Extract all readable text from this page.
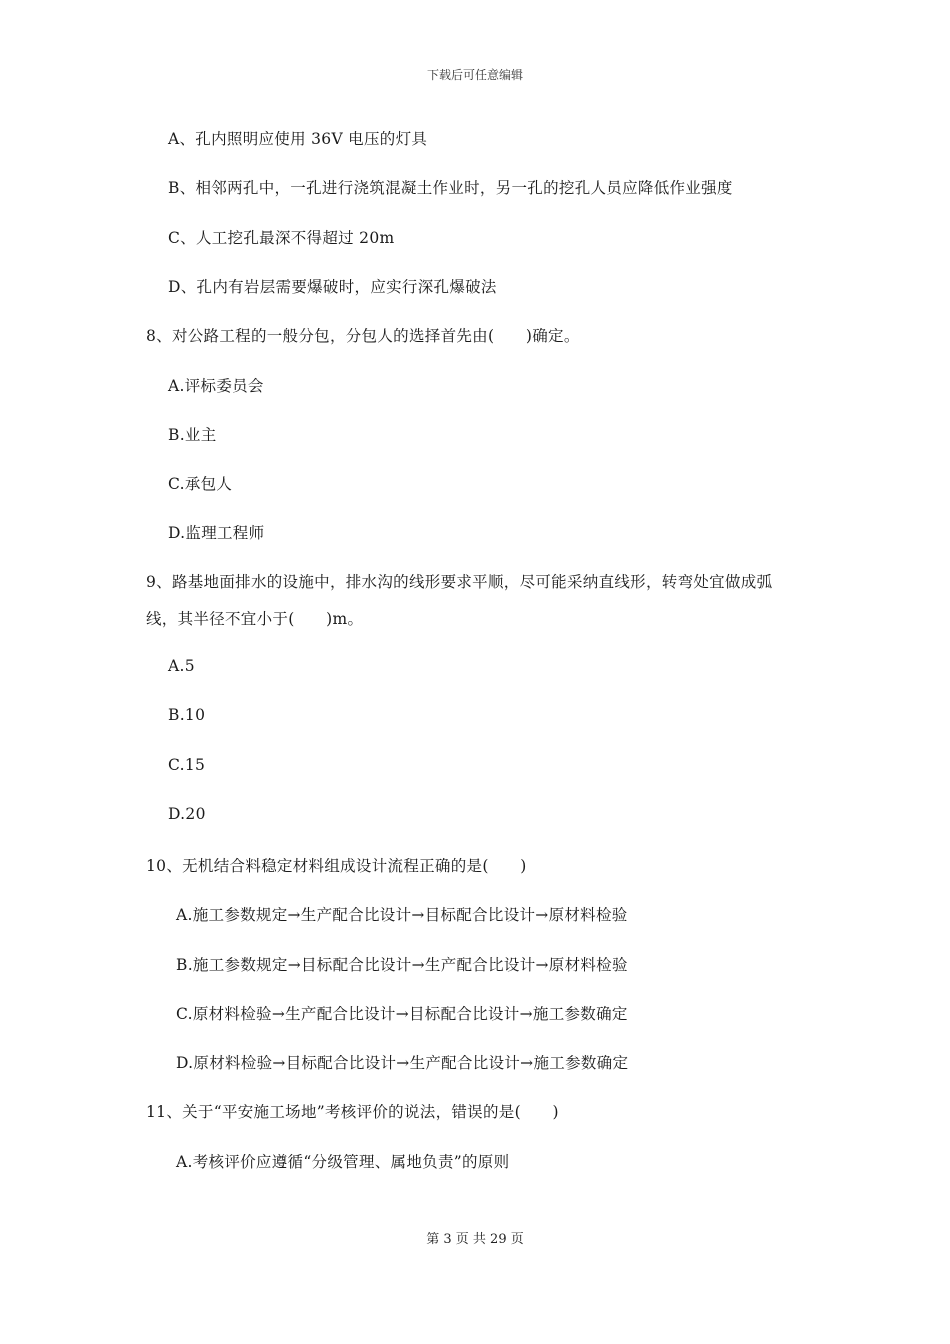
下载后可任意编辑
A、孔内照明应使用 36V 电压的灯具
B、相邻两孔中，一孔进行浇筑混凝土作业时，另一孔的挖孔人员应降低作业强度
C、人工挖孔最深不得超过 20m
D、孔内有岩层需要爆破时，应实行深孔爆破法
8、对公路工程的一般分包，分包人的选择首先由(　　)确定。
A.评标委员会
B.业主
C.承包人
D.监理工程师
9、路基地面排水的设施中，排水沟的线形要求平顺，尽可能采纳直线形，转弯处宜做成弧
线，其半径不宜小于(　　)m。
A.5
B.10
C.15
D.20
10、无机结合料稳定材料组成设计流程正确的是(　　)
A.施工参数规定→生产配合比设计→目标配合比设计→原材料检验
B.施工参数规定→目标配合比设计→生产配合比设计→原材料检验
C.原材料检验→生产配合比设计→目标配合比设计→施工参数确定
D.原材料检验→目标配合比设计→生产配合比设计→施工参数确定
11、关于“平安施工场地”考核评价的说法，错误的是(　　)
A.考核评价应遵循“分级管理、属地负责”的原则
第 3 页 共 29 页
